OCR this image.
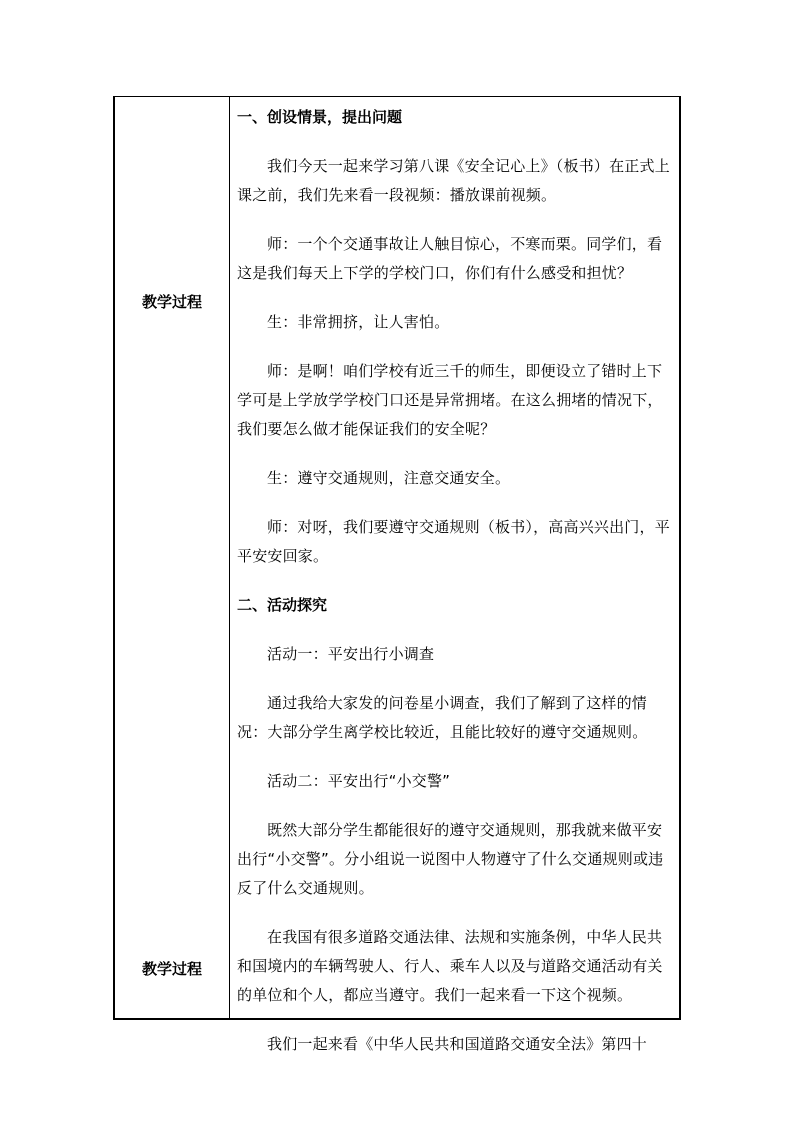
教学过程
教学过程

一、创设情景，提出问题

我们今天一起来学习第八课《安全记心上》（板书）在正式上课之前，我们先来看一段视频：播放课前视频。

师：一个个交通事故让人触目惊心，不寒而栗。同学们，看这是我们每天上下学的学校门口，你们有什么感受和担忧？

生：非常拥挤，让人害怕。

师：是啊！咱们学校有近三千的师生，即便设立了错时上下学可是上学放学学校门口还是异常拥堵。在这么拥堵的情况下，我们要怎么做才能保证我们的安全呢？

生：遵守交通规则，注意交通安全。

师：对呀，我们要遵守交通规则（板书），高高兴兴出门，平平安安回家。

二、活动探究

活动一：平安出行小调查

通过我给大家发的问卷星小调查，我们了解到了这样的情况：大部分学生离学校比较近，且能比较好的遵守交通规则。

活动二：平安出行“小交警”

既然大部分学生都能很好的遵守交通规则，那我就来做平安出行“小交警”。分小组说一说图中人物遵守了什么交通规则或违反了什么交通规则。

在我国有很多道路交通法律、法规和实施条例，中华人民共和国境内的车辆驾驶人、行人、乘车人以及与道路交通活动有关的单位和个人，都应当遵守。我们一起来看一下这个视频。

我们一起来看《中华人民共和国道路交通安全法》第四十
